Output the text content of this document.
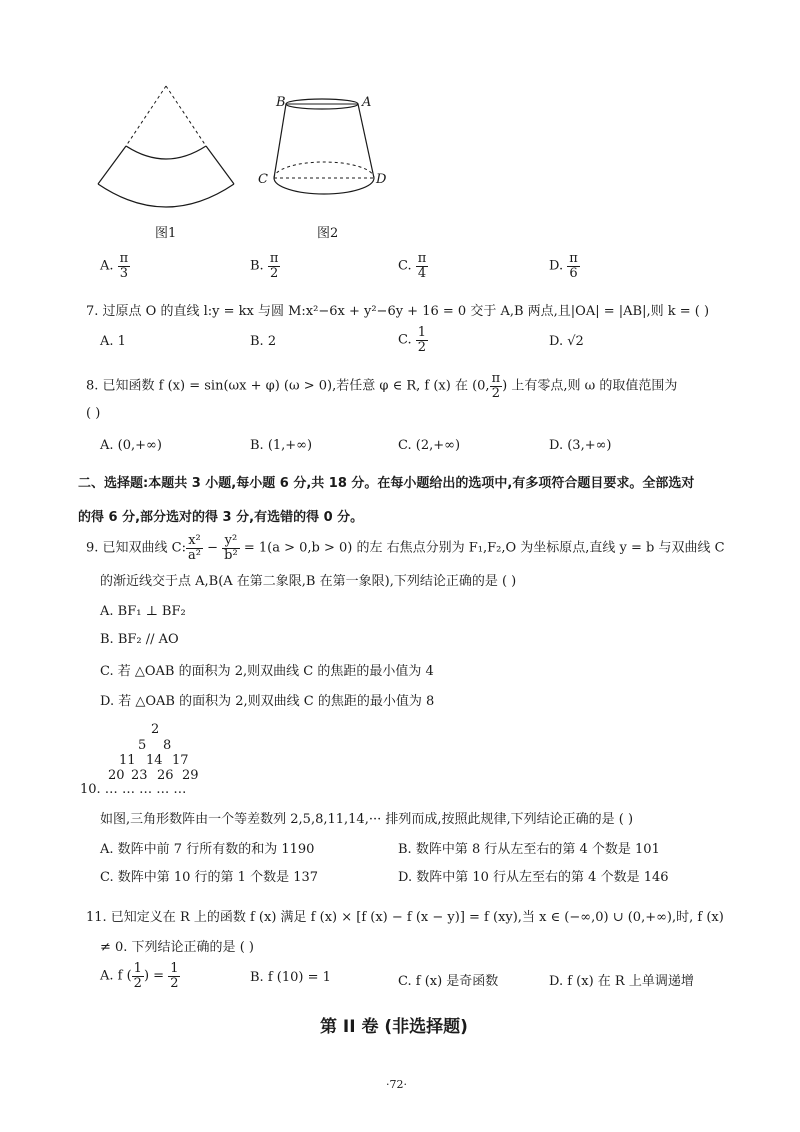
图1
B	A
C	D
图2
A. $\frac{\pi}{3}$	B. $\frac{\pi}{2}$	C. $\frac{\pi}{4}$	D. $\frac{\pi}{6}$
7. 过原点 O 的直线 l:y = kx 与圆 M:x²−6x + y²−6y + 16 = 0 交于 A,B 两点,且|OA| = |AB|,则 k = ( )
A. 1	B. 2	C. $\frac{1}{2}$	D. √2
8. 已知函数 f (x) = sin(ωx + φ) (ω > 0),若任意 φ ∈ R, f (x) 在 (0, $\frac{\pi}{2}$ ) 上有零点,则 ω 的取值范围为
( )
A. (0,+∞)	B. (1,+∞)	C. (2,+∞)	D. (3,+∞)
二、选择题:本题共 3 小题,每小题 6 分,共 18 分。在每小题给出的选项中,有多项符合题目要求。全部选对
的得 6 分,部分选对的得 3 分,有选错的得 0 分。
9. 已知双曲线 C: $\frac{\text{x²}}{\text{a²}} - \frac{\text{y²}}{\text{b²}} = 1(a > 0,b > 0)$ 的左 右焦点分别为 F₁,F₂,O 为坐标原点,直线 y = b 与双曲线 C
的渐近线交于点 A,B(A 在第二象限,B 在第一象限),下列结论正确的是 ( )
A. BF₁ ⊥ BF₂
B. BF₂ // AO
C. 若 △OAB 的面积为 2,则双曲线 C 的焦距的最小值为 4
D. 若 △OAB 的面积为 2,则双曲线 C 的焦距的最小值为 8
2
5 8
11 14 17
20 23 26 29
10. … … … … …
如图,三角形数阵由一个等差数列 2,5,8,11,14,··· 排列而成,按照此规律,下列结论正确的是 ( )
A. 数阵中前 7 行所有数的和为 1190	B. 数阵中第 8 行从左至右的第 4 个数是 101
C. 数阵中第 10 行的第 1 个数是 137	D. 数阵中第 10 行从左至右的第 4 个数是 146
11. 已知定义在 R 上的函数 f (x) 满足 f (x) × [f (x) − f (x − y)] = f (xy),当 x ∈ (−∞,0) ∪ (0,+∞),时, f (x)
≠ 0. 下列结论正确的是 ( )
A. f ( $\frac{1}{2}$ ) = $\frac{1}{2}$	B. f (10) = 1	C. f (x) 是奇函数	D. f (x) 在 R 上单调递增
第 II 卷 (非选择题)
·72·
